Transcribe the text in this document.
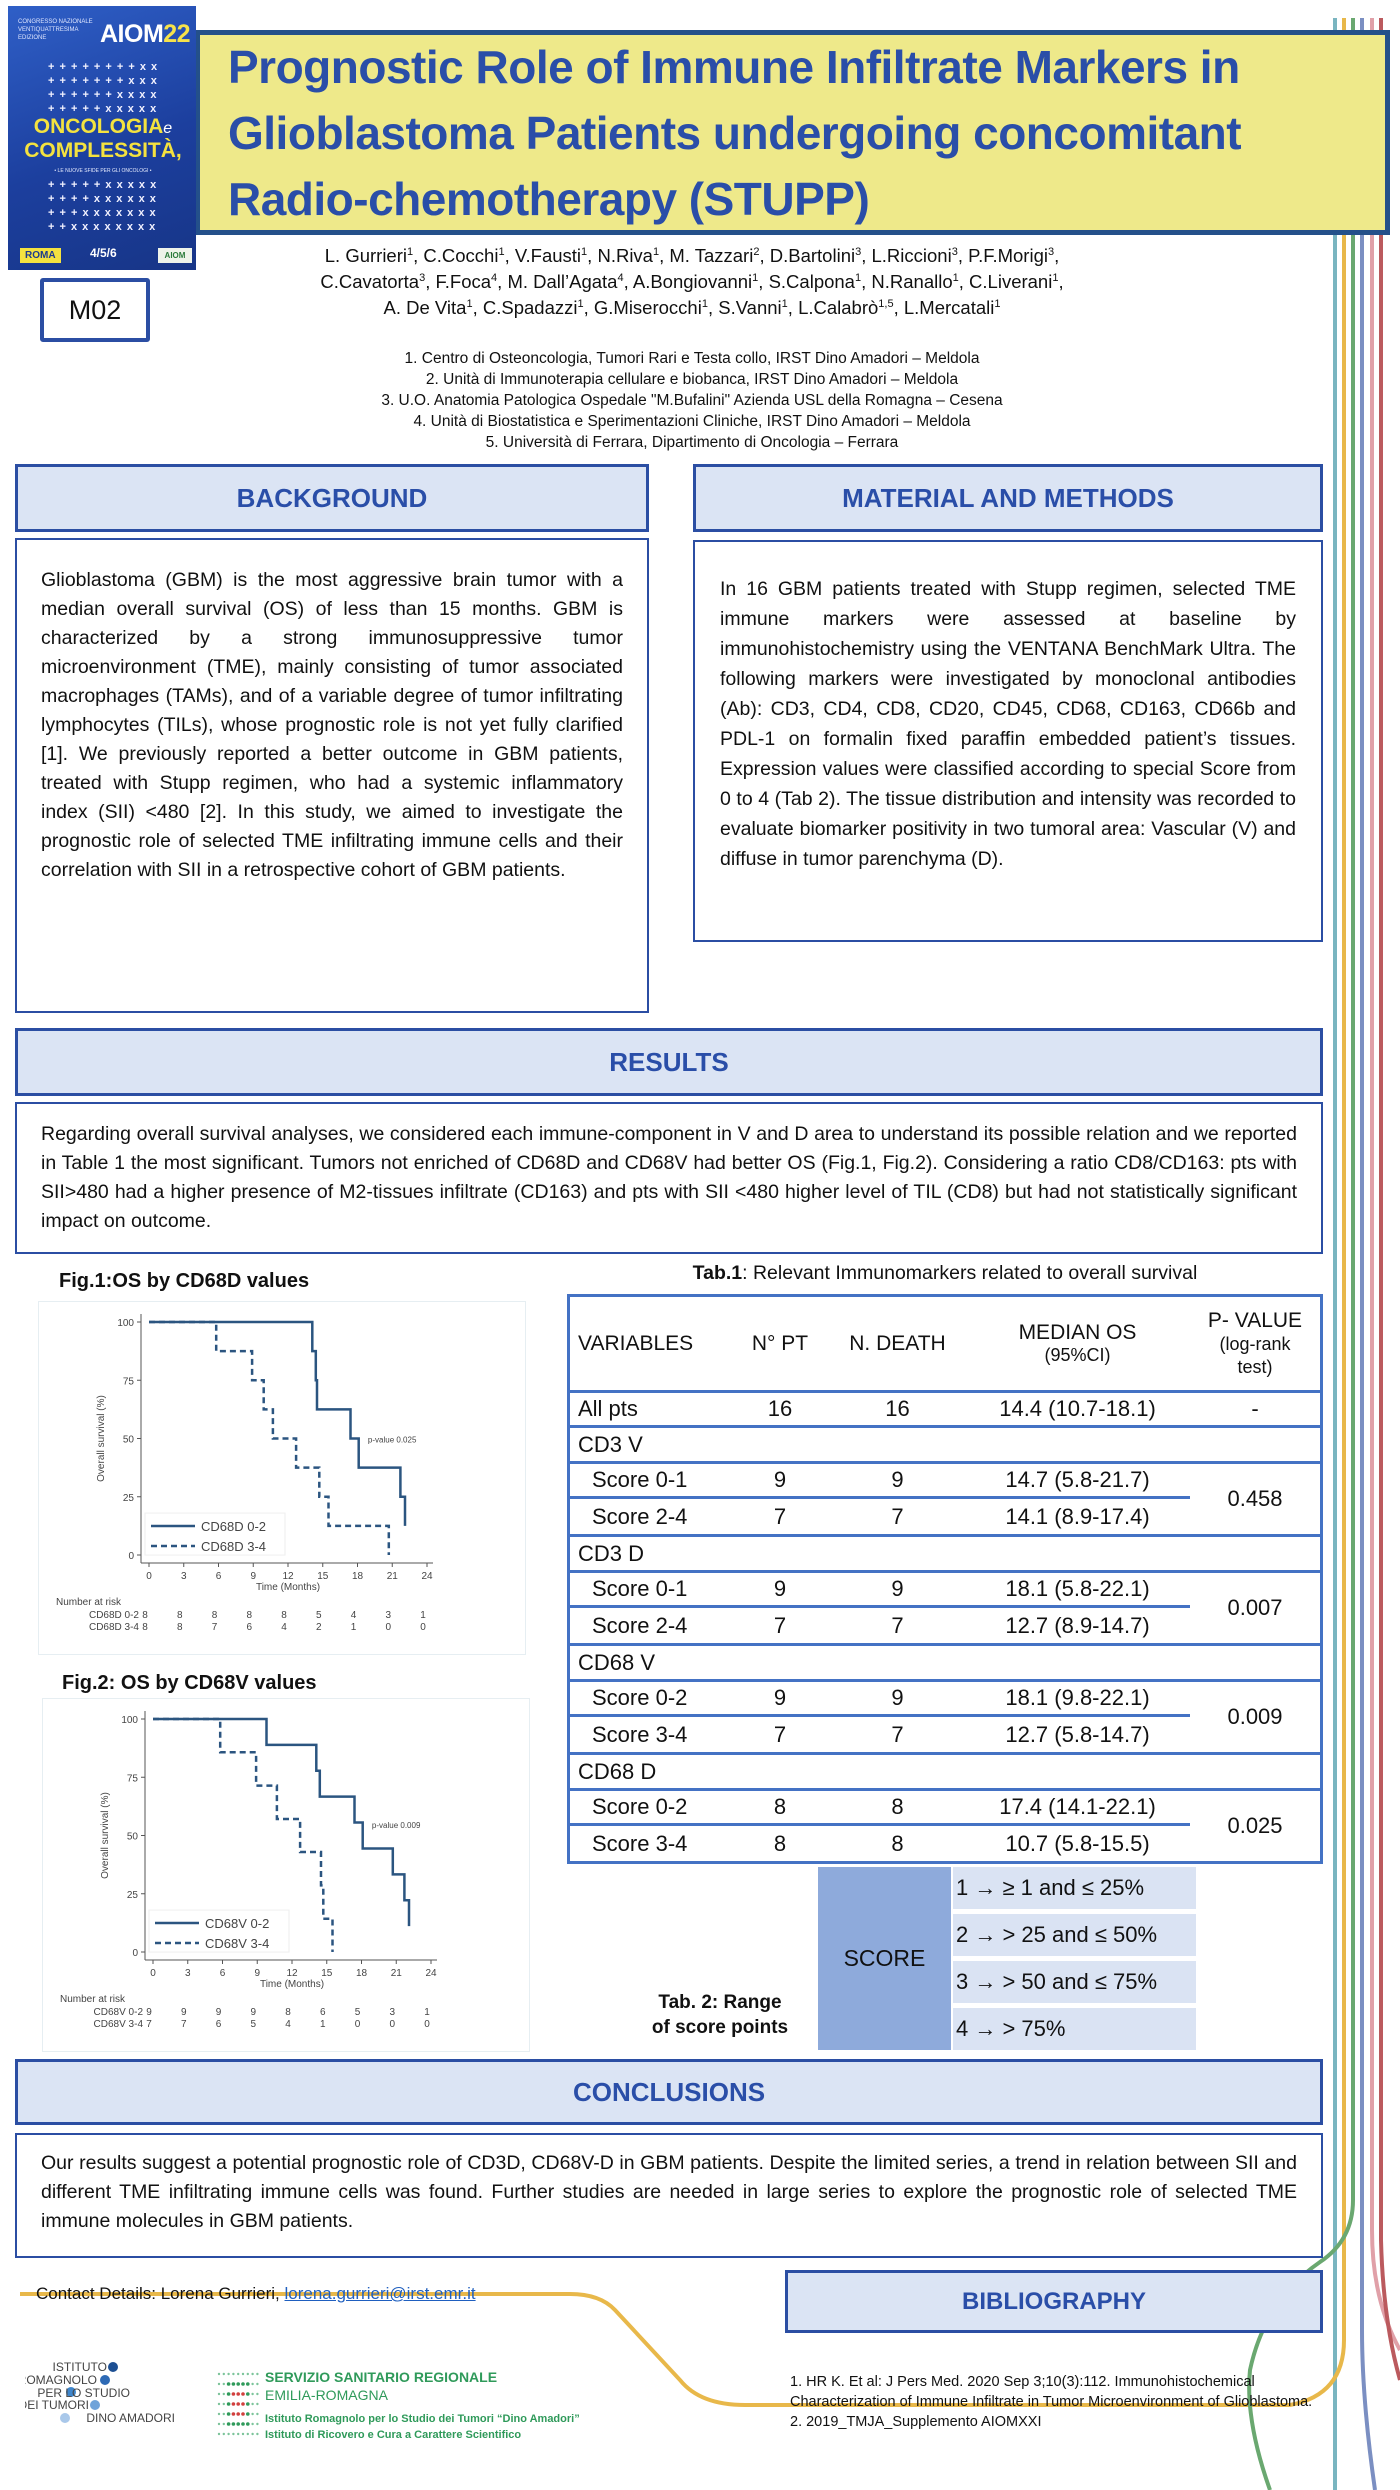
Prognostic Role of Immune Infiltrate Markers in
Glioblastoma Patients undergoing concomitant
Radio-chemotherapy (STUPP)
CONGRESSO NAZIONALE VENTIQUATTRESIMA EDIZIONE	AIOM22
+ + + + + + + + x x
+ + + + + + + x x x
+ + + + + + x x x x
+ + + + + x x x x x
ONCOLOGIAe
COMPLESSITÀ,
• LE NUOVE SFIDE PER GLI ONCOLOGI •
+ + + + + x x x x x
+ + + + x x x x x x
+ + + x x x x x x x
+ + x x x x x x x x
ROMA	4/5/6	AIOM
M02
L. Gurrieri$^1$, C.Cocchi$^1$, V.Fausti$^1$, N.Riva$^1$, M. Tazzari$^2$, D.Bartolini$^3$, L.Riccioni$^3$, P.F.Morigi$^3$,
C.Cavatorta$^3$, F.Foca$^4$, M. Dall’Agata$^4$, A.Bongiovanni$^1$, S.Calpona$^1$, N.Ranallo$^1$, C.Liverani$^1$,
A. De Vita$^1$, C.Spadazzi$^1$, G.Miserocchi$^1$, S.Vanni$^1$, L.Calabrò$^{1,5}$, L.Mercatali$^1$
1. Centro di Osteoncologia, Tumori Rari e Testa collo, IRST Dino Amadori – Meldola
2. Unità di Immunoterapia cellulare e biobanca, IRST Dino Amadori – Meldola
3. U.O. Anatomia Patologica Ospedale "M.Bufalini" Azienda USL della Romagna – Cesena
4. Unità di Biostatistica e Sperimentazioni Cliniche, IRST Dino Amadori – Meldola
5. Università di Ferrara, Dipartimento di Oncologia – Ferrara
BACKGROUND

Glioblastoma (GBM) is the most aggressive brain tumor with a median overall survival (OS) of less than 15 months. GBM is characterized by a strong immunosuppressive tumor microenvironment (TME), mainly consisting of tumor associated macrophages (TAMs), and of a variable degree of tumor infiltrating lymphocytes (TILs), whose prognostic role is not yet fully clarified [1]. We previously reported a better outcome in GBM patients, treated with Stupp regimen, who had a systemic inflammatory index (SII) <480 [2]. In this study, we aimed to investigate the prognostic role of selected TME infiltrating immune cells and their correlation with SII in a retrospective cohort of GBM patients.

MATERIAL AND METHODS

In 16 GBM patients treated with Stupp regimen, selected TME immune markers were assessed at baseline by immunohistochemistry using the VENTANA BenchMark Ultra. The following markers were investigated by monoclonal antibodies (Ab): CD3, CD4, CD8, CD20, CD45, CD68, CD163, CD66b and PDL-1 on formalin fixed paraffin embedded patient’s tissues. Expression values were classified according to special Score from 0 to 4 (Tab 2). The tissue distribution and intensity was recorded to evaluate biomarker positivity in two tumoral area: Vascular (V) and diffuse in tumor parenchyma (D).

RESULTS

Regarding overall survival analyses, we considered each immune-component in V and D area to understand its possible relation and we reported in Table 1 the most significant. Tumors not enriched of CD68D and CD68V had better OS (Fig.1, Fig.2). Considering a ratio CD8/CD163: pts with SII>480 had a higher presence of M2-tissues infiltrate (CD163) and pts with SII <480 higher level of TIL (CD8) but had not statistically significant impact on outcome.

Fig.1:OS by CD68D values
0
25
50
75
100
0	3	6	9	12 15 18 21 24
Time (Months)
Overall survival (%)	p-value 0.025
CD68D 0-2
CD68D 3-4
Number at risk
CD68D 0-2 8	8	8	8	8	5	4	3	1
CD68D 3-4 8	8	7	6	4	2	1	0	0
Fig.2: OS by CD68V values
0
25
50
75
100
0	3	6	9	12 15 18 21 24
Time (Months)
Overall survival (%)	p-value 0.009
CD68V 0-2
CD68V 3-4
Number at risk
CD68V 0-2 9	9	9	9	8	6	5	3	1
CD68V 3-4 7	7	6	5	4	1	0	0	0
Tab.1: Relevant Immunomarkers related to overall survival
VARIABLES	N° PT	N. DEATH	MEDIAN OS
(95%CI)
P- VALUE
(log-rank test)
All pts	16	16	14.4 (10.7-18.1)	-
CD3 V
Score 0-1	9	9	14.7 (5.8-21.7)
Score 2-4	7	7	14.1 (8.9-17.4)
0.458
CD3 D
Score 0-1	9	9	18.1 (5.8-22.1)
Score 2-4	7	7	12.7 (8.9-14.7)
0.007
CD68 V
Score 0-2	9	9	18.1 (9.8-22.1)
Score 3-4	7	7	12.7 (5.8-14.7)
0.009
CD68 D
Score 0-2	8	8	17.4 (14.1-22.1)
Score 3-4	8	8	10.7 (5.8-15.5)
0.025
Tab. 2: Range
of score points
SCORE
1 → ≥ 1 and ≤ 25%
2 → > 25 and ≤ 50%
3 → > 50 and ≤ 75%
4 → > 75%
CONCLUSIONS

Our results suggest a potential prognostic role of CD3D, CD68V-D in GBM patients. Despite the limited series, a trend in relation between SII and different TME infiltrating immune cells was found. Further studies are needed in large series to explore the prognostic role of selected TME immune molecules in GBM patients.

Contact Details: Lorena Gurrieri, lorena.gurrieri@irst.emr.it	BIBLIOGRAPHY
1. HR K. Et al: J Pers Med. 2020 Sep 3;10(3):112. Immunohistochemical Characterization of Immune Infiltrate in Tumor Microenvironment of Glioblastoma.
2. 2019_TMJA_Supplemento AIOMXXI
ISTITUTO
ROMAGNOLO
PER LO STUDIO
DEI TUMORI
DINO AMADORI
SERVIZIO SANITARIO REGIONALE
EMILIA-ROMAGNA
Istituto Romagnolo per lo Studio dei Tumori “Dino Amadori”
Istituto di Ricovero e Cura a Carattere Scientifico
